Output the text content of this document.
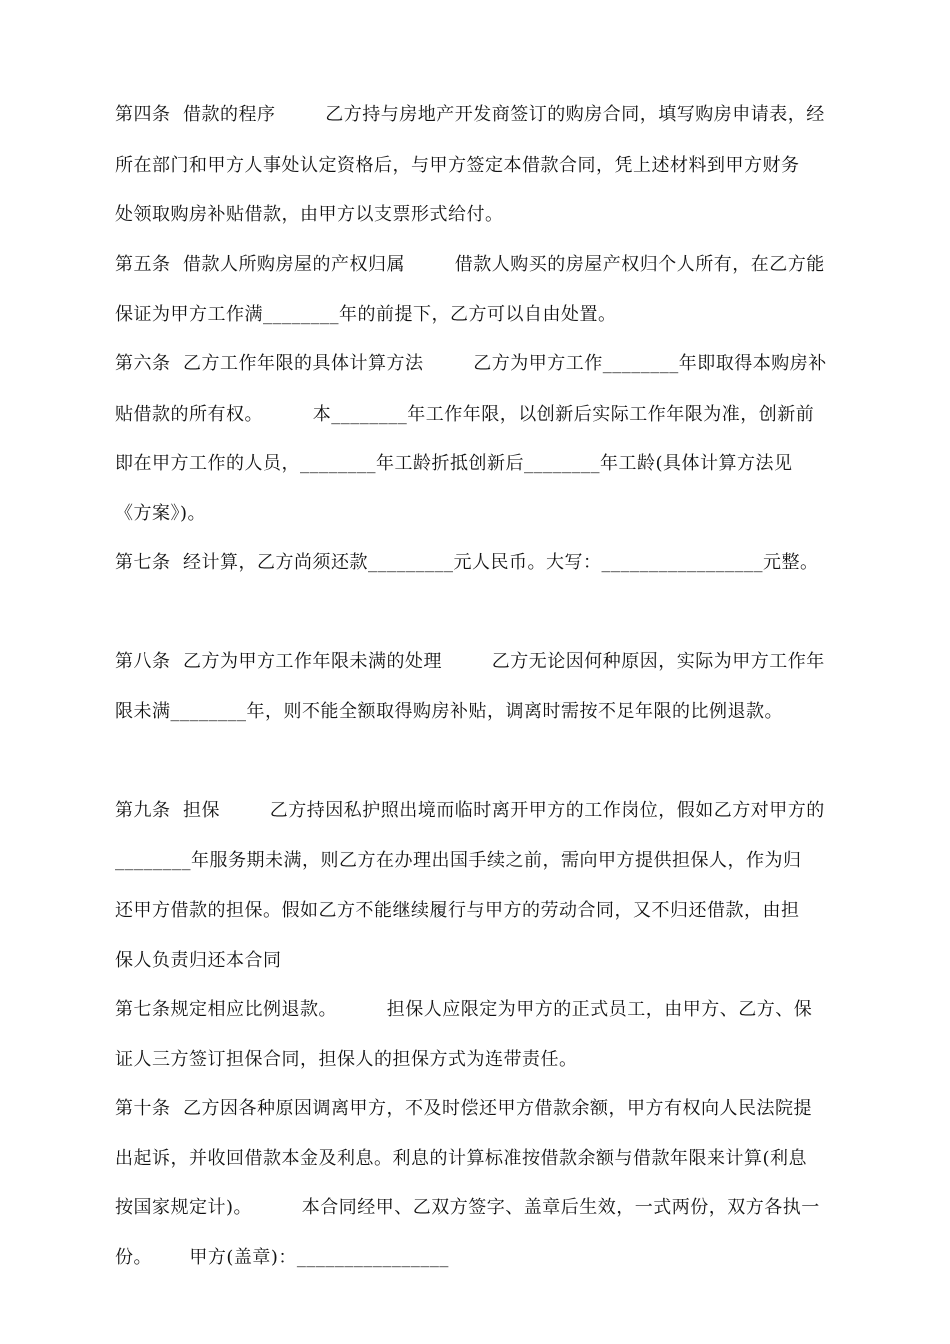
第四条  借款的程序        乙方持与房地产开发商签订的购房合同，填写购房申请表，经
所在部门和甲方人事处认定资格后，与甲方签定本借款合同，凭上述材料到甲方财务
处领取购房补贴借款，由甲方以支票形式给付。
第五条  借款人所购房屋的产权归属        借款人购买的房屋产权归个人所有，在乙方能
保证为甲方工作满________年的前提下，乙方可以自由处置。
第六条  乙方工作年限的具体计算方法        乙方为甲方工作________年即取得本购房补
贴借款的所有权。        本________年工作年限，以创新后实际工作年限为准，创新前
即在甲方工作的人员，________年工龄折抵创新后________年工龄(具体计算方法见
《方案》)。
第七条  经计算，乙方尚须还款_________元人民币。大写：_________________元整。
第八条  乙方为甲方工作年限未满的处理        乙方无论因何种原因，实际为甲方工作年
限未满________年，则不能全额取得购房补贴，调离时需按不足年限的比例退款。
第九条  担保        乙方持因私护照出境而临时离开甲方的工作岗位，假如乙方对甲方的
________年服务期未满，则乙方在办理出国手续之前，需向甲方提供担保人，作为归
还甲方借款的担保。假如乙方不能继续履行与甲方的劳动合同，又不归还借款，由担
保人负责归还本合同
第七条规定相应比例退款。        担保人应限定为甲方的正式员工，由甲方、乙方、保
证人三方签订担保合同，担保人的担保方式为连带责任。
第十条  乙方因各种原因调离甲方，不及时偿还甲方借款余额，甲方有权向人民法院提
出起诉，并收回借款本金及利息。利息的计算标准按借款余额与借款年限来计算(利息
按国家规定计)。        本合同经甲、乙双方签字、盖章后生效，一式两份，双方各执一
份。      甲方(盖章)：________________
